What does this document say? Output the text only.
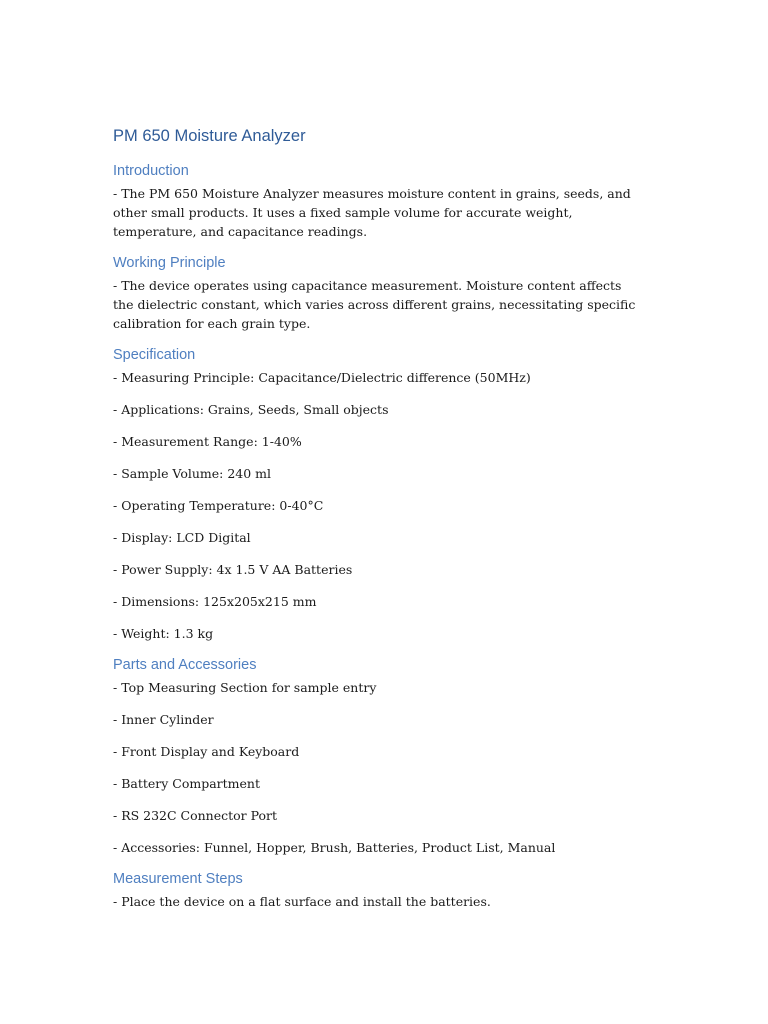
PM 650 Moisture Analyzer
Introduction

- The PM 650 Moisture Analyzer measures moisture content in grains, seeds, and other small products. It uses a fixed sample volume for accurate weight, temperature, and capacitance readings.

Working Principle

- The device operates using capacitance measurement. Moisture content affects the dielectric constant, which varies across different grains, necessitating specific calibration for each grain type.

Specification
- Measuring Principle: Capacitance/Dielectric difference (50MHz)
- Applications: Grains, Seeds, Small objects
- Measurement Range: 1-40%
- Sample Volume: 240 ml
- Operating Temperature: 0-40°C
- Display: LCD Digital
- Power Supply: 4x 1.5 V AA Batteries
- Dimensions: 125x205x215 mm
- Weight: 1.3 kg
Parts and Accessories
- Top Measuring Section for sample entry
- Inner Cylinder
- Front Display and Keyboard
- Battery Compartment
- RS 232C Connector Port
- Accessories: Funnel, Hopper, Brush, Batteries, Product List, Manual
Measurement Steps
- Place the device on a flat surface and install the batteries.
